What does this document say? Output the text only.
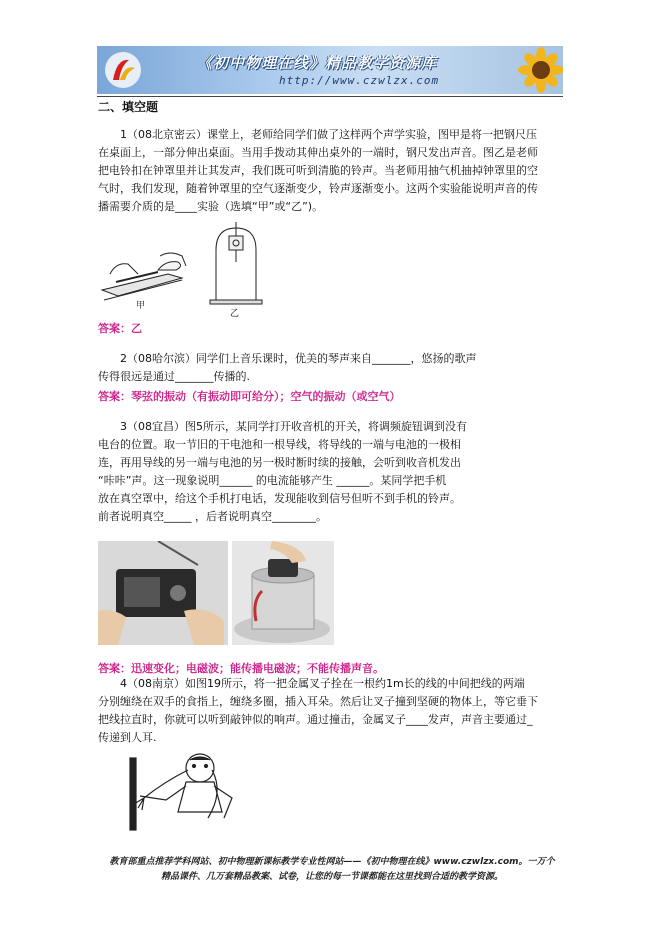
《初中物理在线》精品教学资源库
http://www.czwlzx.com
二、填空题
1（08北京密云）课堂上，老师给同学们做了这样两个声学实验，图甲是将一把钢尺压
在桌面上，一部分伸出桌面。当用手拨动其伸出桌外的一端时，钢尺发出声音。图乙是老师
把电铃扣在钟罩里并让其发声，我们既可听到清脆的铃声。当老师用抽气机抽掉钟罩里的空
气时，我们发现，随着钟罩里的空气逐渐变少，铃声逐渐变小。这两个实验能说明声音的传
播需要介质的是____实验（选填“甲”或“乙”)。
甲
乙
答案：乙
2（08哈尔滨）同学们上音乐课时，优美的琴声来自_______，悠扬的歌声
传得很远是通过_______传播的.
答案：琴弦的振动（有振动即可给分）；空气的振动（或空气）
3（08宜昌）图5所示，某同学打开收音机的开关，将调频旋钮调到没有
电台的位置。取一节旧的干电池和一根导线，将导线的一端与电池的一极相
连，再用导线的另一端与电池的另一极时断时续的接触，会听到收音机发出
“咔咔”声。这一现象说明______ 的电流能够产生 ______。某同学把手机
放在真空罩中，给这个手机打电话，发现能收到信号但听不到手机的铃声。
前者说明真空_____ ，后者说明真空________。
答案：迅速变化；电磁波；能传播电磁波；不能传播声音。
4（08南京）如图19所示，将一把金属叉子拴在一根约1m长的线的中间把线的两端
分别缠绕在双手的食指上，缠绕多圈，插入耳朵。然后让叉子撞到坚硬的物体上，等它垂下
把线拉直时，你就可以听到敲钟似的响声。通过撞击，金属叉子____发声，声音主要通过_
传递到人耳.
教育部重点推荐学科网站、初中物理新课标教学专业性网站——《初中物理在线》www.czwlzx.com。一万个
精品课件、几万套精品教案、试卷，让您的每一节课都能在这里找到合适的教学资源。
